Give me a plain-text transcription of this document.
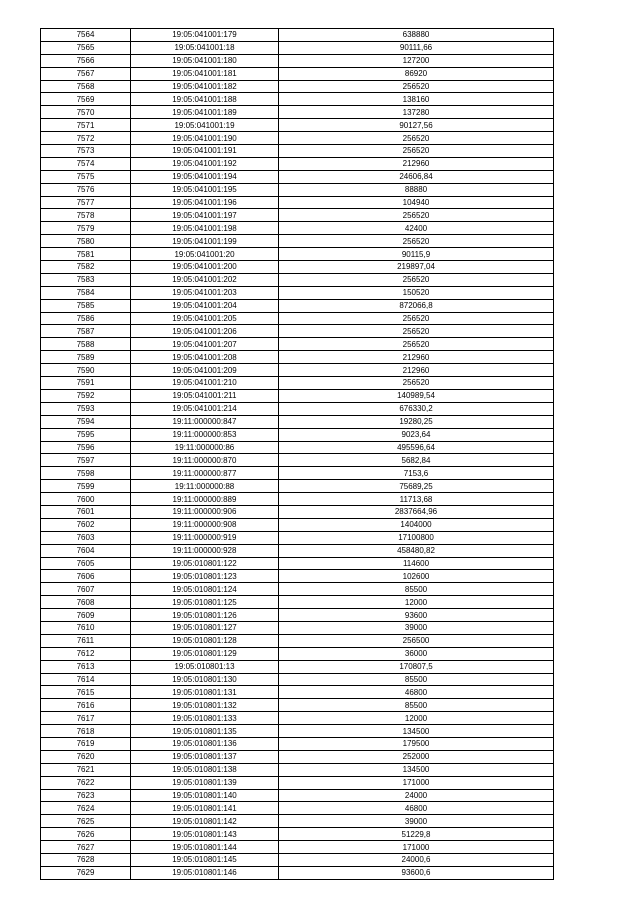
7564	19:05:041001:179	638880
7565	19:05:041001:18	90111,66
7566	19:05:041001:180	127200
7567	19:05:041001:181	86920
7568	19:05:041001:182	256520
7569	19:05:041001:188	138160
7570	19:05:041001:189	137280
7571	19:05:041001:19	90127,56
7572	19:05:041001:190	256520
7573	19:05:041001:191	256520
7574	19:05:041001:192	212960
7575	19:05:041001:194	24606,84
7576	19:05:041001:195	88880
7577	19:05:041001:196	104940
7578	19:05:041001:197	256520
7579	19:05:041001:198	42400
7580	19:05:041001:199	256520
7581	19:05:041001:20	90115,9
7582	19:05:041001:200	219897,04
7583	19:05:041001:202	256520
7584	19:05:041001:203	150520
7585	19:05:041001:204	872066,8
7586	19:05:041001:205	256520
7587	19:05:041001:206	256520
7588	19:05:041001:207	256520
7589	19:05:041001:208	212960
7590	19:05:041001:209	212960
7591	19:05:041001:210	256520
7592	19:05:041001:211	140989,54
7593	19:05:041001:214	676330,2
7594	19:11:000000:847	19280,25
7595	19:11:000000:853	9023,64
7596	19:11:000000:86	495596,64
7597	19:11:000000:870	5682,84
7598	19:11:000000:877	7153,6
7599	19:11:000000:88	75689,25
7600	19:11:000000:889	11713,68
7601	19:11:000000:906	2837664,96
7602	19:11:000000:908	1404000
7603	19:11:000000:919	17100800
7604	19:11:000000:928	458480,82
7605	19:05:010801:122	114600
7606	19:05:010801:123	102600
7607	19:05:010801:124	85500
7608	19:05:010801:125	12000
7609	19:05:010801:126	93600
7610	19:05:010801:127	39000
7611	19:05:010801:128	256500
7612	19:05:010801:129	36000
7613	19:05:010801:13	170807,5
7614	19:05:010801:130	85500
7615	19:05:010801:131	46800
7616	19:05:010801:132	85500
7617	19:05:010801:133	12000
7618	19:05:010801:135	134500
7619	19:05:010801:136	179500
7620	19:05:010801:137	252000
7621	19:05:010801:138	134500
7622	19:05:010801:139	171000
7623	19:05:010801:140	24000
7624	19:05:010801:141	46800
7625	19:05:010801:142	39000
7626	19:05:010801:143	51229,8
7627	19:05:010801:144	171000
7628	19:05:010801:145	24000,6
7629	19:05:010801:146	93600,6
